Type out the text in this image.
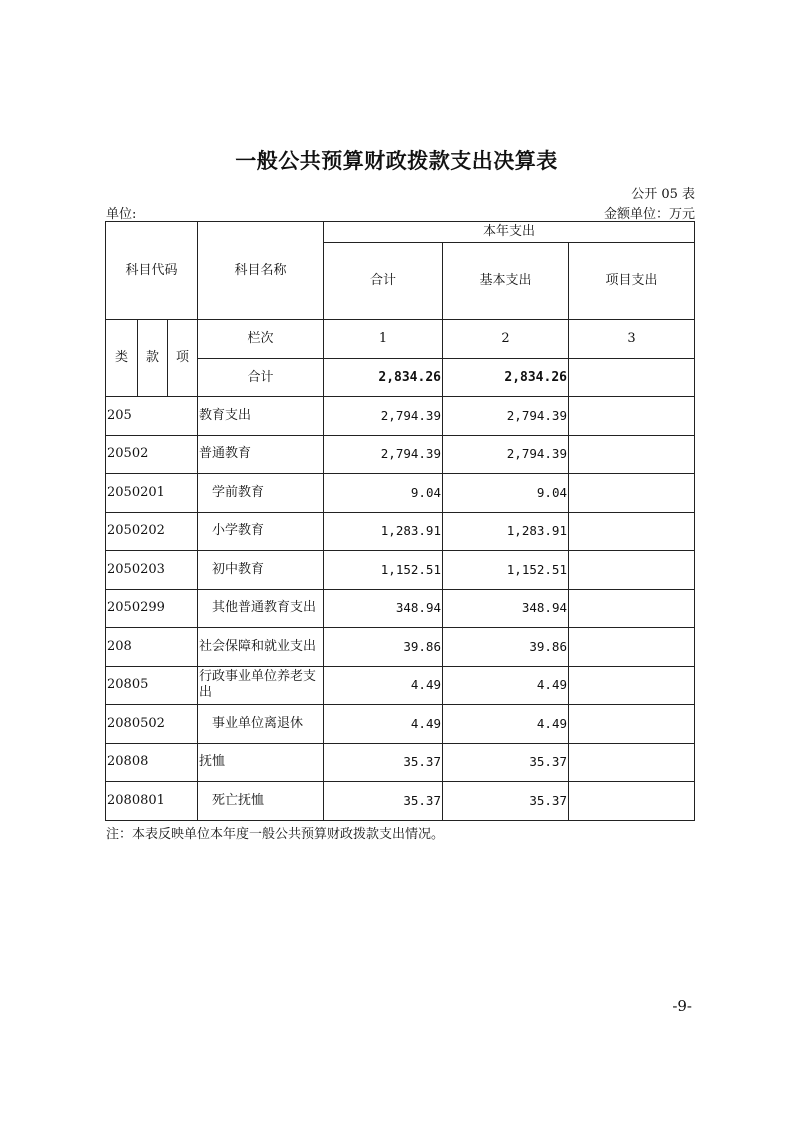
一般公共预算财政拨款支出决算表
公开 05 表
单位:	金额单位：万元
科目代码			科目名称	本年支出		
				合计	基本支出	项目支出
类	款	项	栏次	1	2	3
			合计	2,834.26	2,834.26	
205			教育支出	2,794.39	2,794.39	
20502			普通教育	2,794.39	2,794.39	
2050201			学前教育	9.04	9.04	
2050202			小学教育	1,283.91	1,283.91	
2050203			初中教育	1,152.51	1,152.51	
2050299			其他普通教育支出	348.94	348.94	
208			社会保障和就业支出	39.86	39.86	
20805			行政事业单位养老支出	4.49	4.49	
2080502			事业单位离退休	4.49	4.49	
20808			抚恤	35.37	35.37	
2080801			死亡抚恤	35.37	35.37	
注：本表反映单位本年度一般公共预算财政拨款支出情况。
-9-
